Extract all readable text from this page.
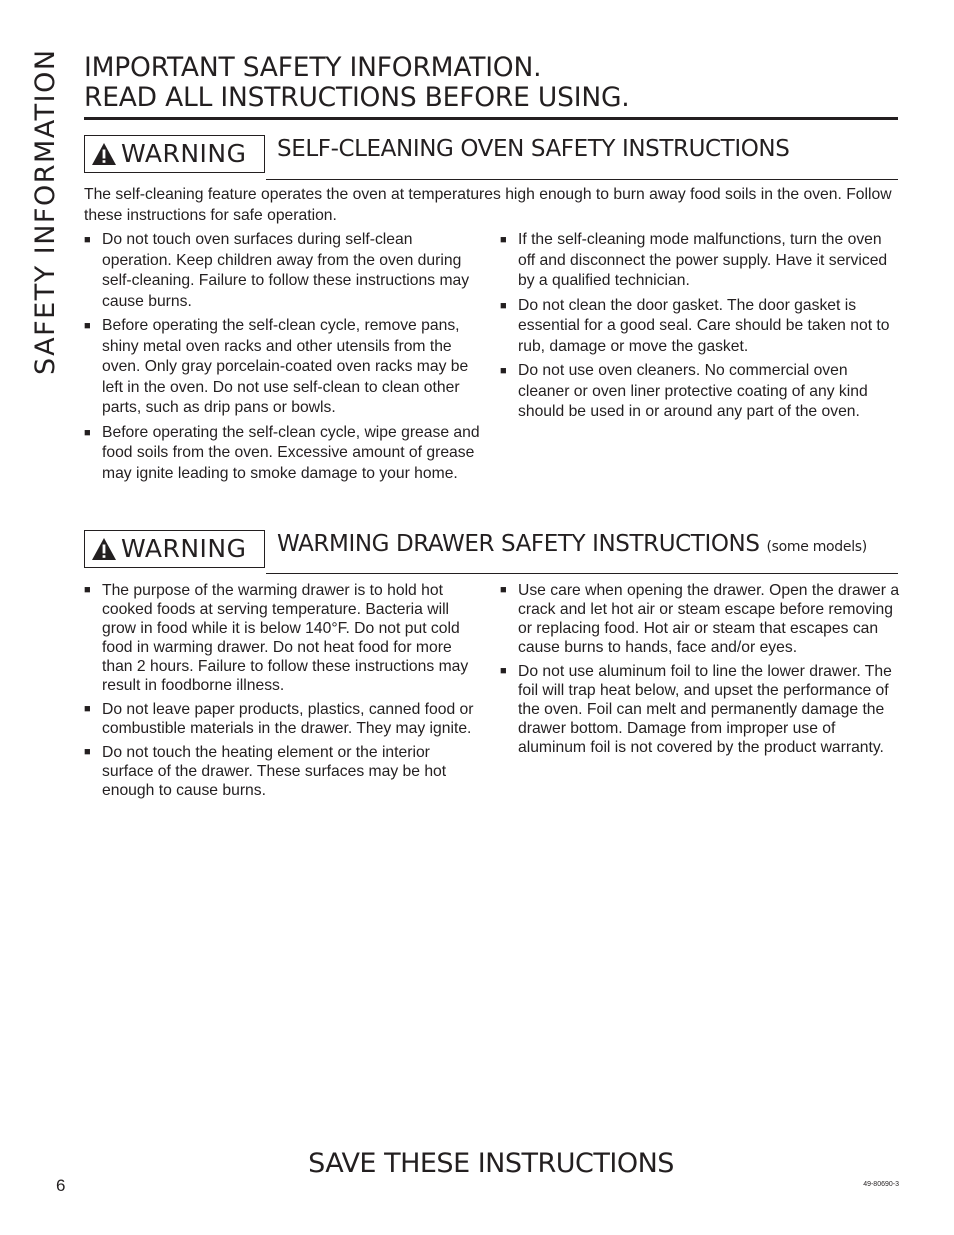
SAFETY INFORMATION IMPORTANT SAFETY INFORMATION.
READ ALL INSTRUCTIONS BEFORE USING.
WARNING SELF-CLEANING OVEN SAFETY INSTRUCTIONS

The self-cleaning feature operates the oven at temperatures high enough to burn away food soils in the oven. Follow these instructions for safe operation.

■ Do not touch oven surfaces during self-clean operation. Keep children away from the oven during self-cleaning. Failure to follow these instructions may cause burns.
■ Before operating the self-clean cycle, remove pans, shiny metal oven racks and other utensils from the oven. Only gray porcelain-coated oven racks may be left in the oven. Do not use self-clean to clean other parts, such as drip pans or bowls.
■ Before operating the self-clean cycle, wipe grease and food soils from the oven. Excessive amount of grease may ignite leading to smoke damage to your home.
■ If the self-cleaning mode malfunctions, turn the oven off and disconnect the power supply. Have it serviced by a qualified technician.
■ Do not clean the door gasket. The door gasket is essential for a good seal. Care should be taken not to rub, damage or move the gasket.
■ Do not use oven cleaners. No commercial oven cleaner or oven liner protective coating of any kind should be used in or around any part of the oven.
WARNING WARMING DRAWER SAFETY INSTRUCTIONS (some models)
■ The purpose of the warming drawer is to hold hot cooked foods at serving temperature. Bacteria will grow in food while it is below 140°F. Do not put cold food in warming drawer. Do not heat food for more than 2 hours. Failure to follow these instructions may result in foodborne illness.
■ Do not leave paper products, plastics, canned food or combustible materials in the drawer. They may ignite.
■ Do not touch the heating element or the interior surface of the drawer. These surfaces may be hot enough to cause burns.
■ Use care when opening the drawer. Open the drawer a crack and let hot air or steam escape before removing or replacing food. Hot air or steam that escapes can cause burns to hands, face and/or eyes.
■ Do not use aluminum foil to line the lower drawer. The foil will trap heat below, and upset the performance of the oven. Foil can melt and permanently damage the drawer bottom. Damage from improper use of aluminum foil is not covered by the product warranty.
SAVE THESE INSTRUCTIONS
6	49-80690-3
